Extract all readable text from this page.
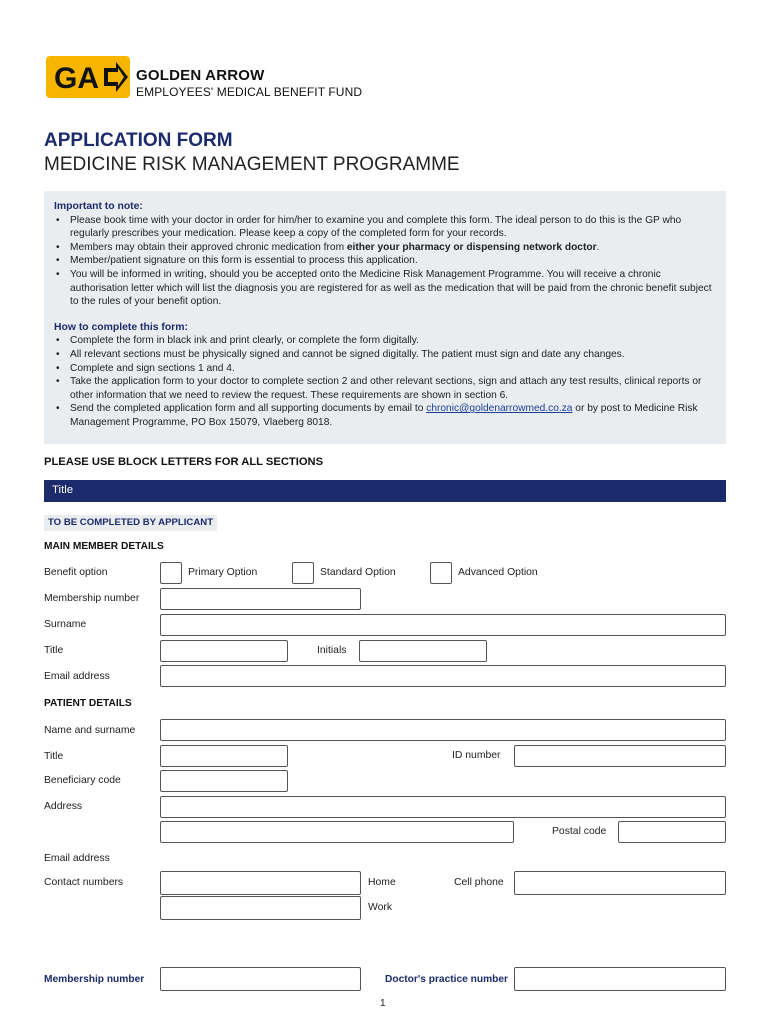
GA GOLDEN ARROW
EMPLOYEES' MEDICAL BENEFIT FUND
APPLICATION FORM
MEDICINE RISK MANAGEMENT PROGRAMME
Important to note:
• Please book time with your doctor in order for him/her to examine you and complete this form. The ideal person to do this is the GP who regularly prescribes your medication. Please keep a copy of the completed form for your records.
• Members may obtain their approved chronic medication from either your pharmacy or dispensing network doctor.
• Member/patient signature on this form is essential to process this application.
• You will be informed in writing, should you be accepted onto the Medicine Risk Management Programme. You will receive a chronic authorisation letter which will list the diagnosis you are registered for as well as the medication that will be paid from the chronic benefit subject to the rules of your benefit option.
How to complete this form:
• Complete the form in black ink and print clearly, or complete the form digitally.
• All relevant sections must be physically signed and cannot be signed digitally. The patient must sign and date any changes.
• Complete and sign sections 1 and 4.
• Take the application form to your doctor to complete section 2 and other relevant sections, sign and attach any test results, clinical reports or other information that we need to review the request. These requirements are shown in section 6.
• Send the completed application form and all supporting documents by email to chronic@goldenarrowmed.co.za or by post to Medicine Risk Management Programme, PO Box 15079, Vlaeberg 8018.
PLEASE USE BLOCK LETTERS FOR ALL SECTIONS
Title
TO BE COMPLETED BY APPLICANT
MAIN MEMBER DETAILS
Benefit option	Primary Option	Standard Option	Advanced Option
Membership number
Surname
Title	Initials
Email address
PATIENT DETAILS
Name and surname
Title	ID number
Beneficiary code
Address
Postal code
Email address
Contact numbers	Home	Cell phone
Work
Membership number	Doctor's practice number
1
